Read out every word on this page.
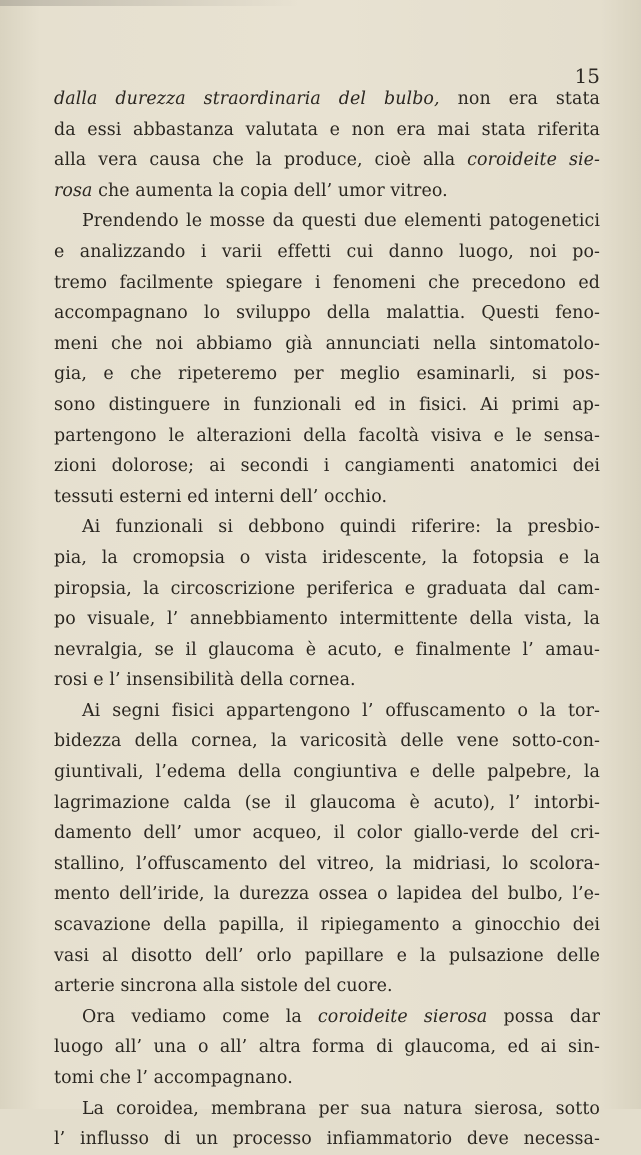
15
dalla durezza straordinaria del bulbo, non era stata
da essi abbastanza valutata e non era mai stata riferita
alla vera causa che la produce, cioè alla coroideite sie-
rosa che aumenta la copia dell’ umor vitreo.
Prendendo le mosse da questi due elementi patogenetici
e analizzando i varii effetti cui danno luogo, noi po-
tremo facilmente spiegare i fenomeni che precedono ed
accompagnano lo sviluppo della malattia. Questi feno-
meni che noi abbiamo già annunciati nella sintomatolo-
gia, e che ripeteremo per meglio esaminarli, si pos-
sono distinguere in funzionali ed in fisici. Ai primi ap-
partengono le alterazioni della facoltà visiva e le sensa-
zioni dolorose; ai secondi i cangiamenti anatomici dei
tessuti esterni ed interni dell’ occhio.
Ai funzionali si debbono quindi riferire: la presbio-
pia, la cromopsia o vista iridescente, la fotopsia e la
piropsia, la circoscrizione periferica e graduata dal cam-
po visuale, l’ annebbiamento intermittente della vista, la
nevralgia, se il glaucoma è acuto, e finalmente l’ amau-
rosi e l’ insensibilità della cornea.
Ai segni fisici appartengono l’ offuscamento o la tor-
bidezza della cornea, la varicosità delle vene sotto-con-
giuntivali, l’edema della congiuntiva e delle palpebre, la
lagrimazione calda (se il glaucoma è acuto), l’ intorbi-
damento dell’ umor acqueo, il color giallo-verde del cri-
stallino, l’offuscamento del vitreo, la midriasi, lo scolora-
mento dell’iride, la durezza ossea o lapidea del bulbo, l’e-
scavazione della papilla, il ripiegamento a ginocchio dei
vasi al disotto dell’ orlo papillare e la pulsazione delle
arterie sincrona alla sistole del cuore.
Ora vediamo come la coroideite sierosa possa dar
luogo all’ una o all’ altra forma di glaucoma, ed ai sin-
tomi che l’ accompagnano.
La coroidea, membrana per sua natura sierosa, sotto
l’ influsso di un processo infiammatorio deve necessa-
